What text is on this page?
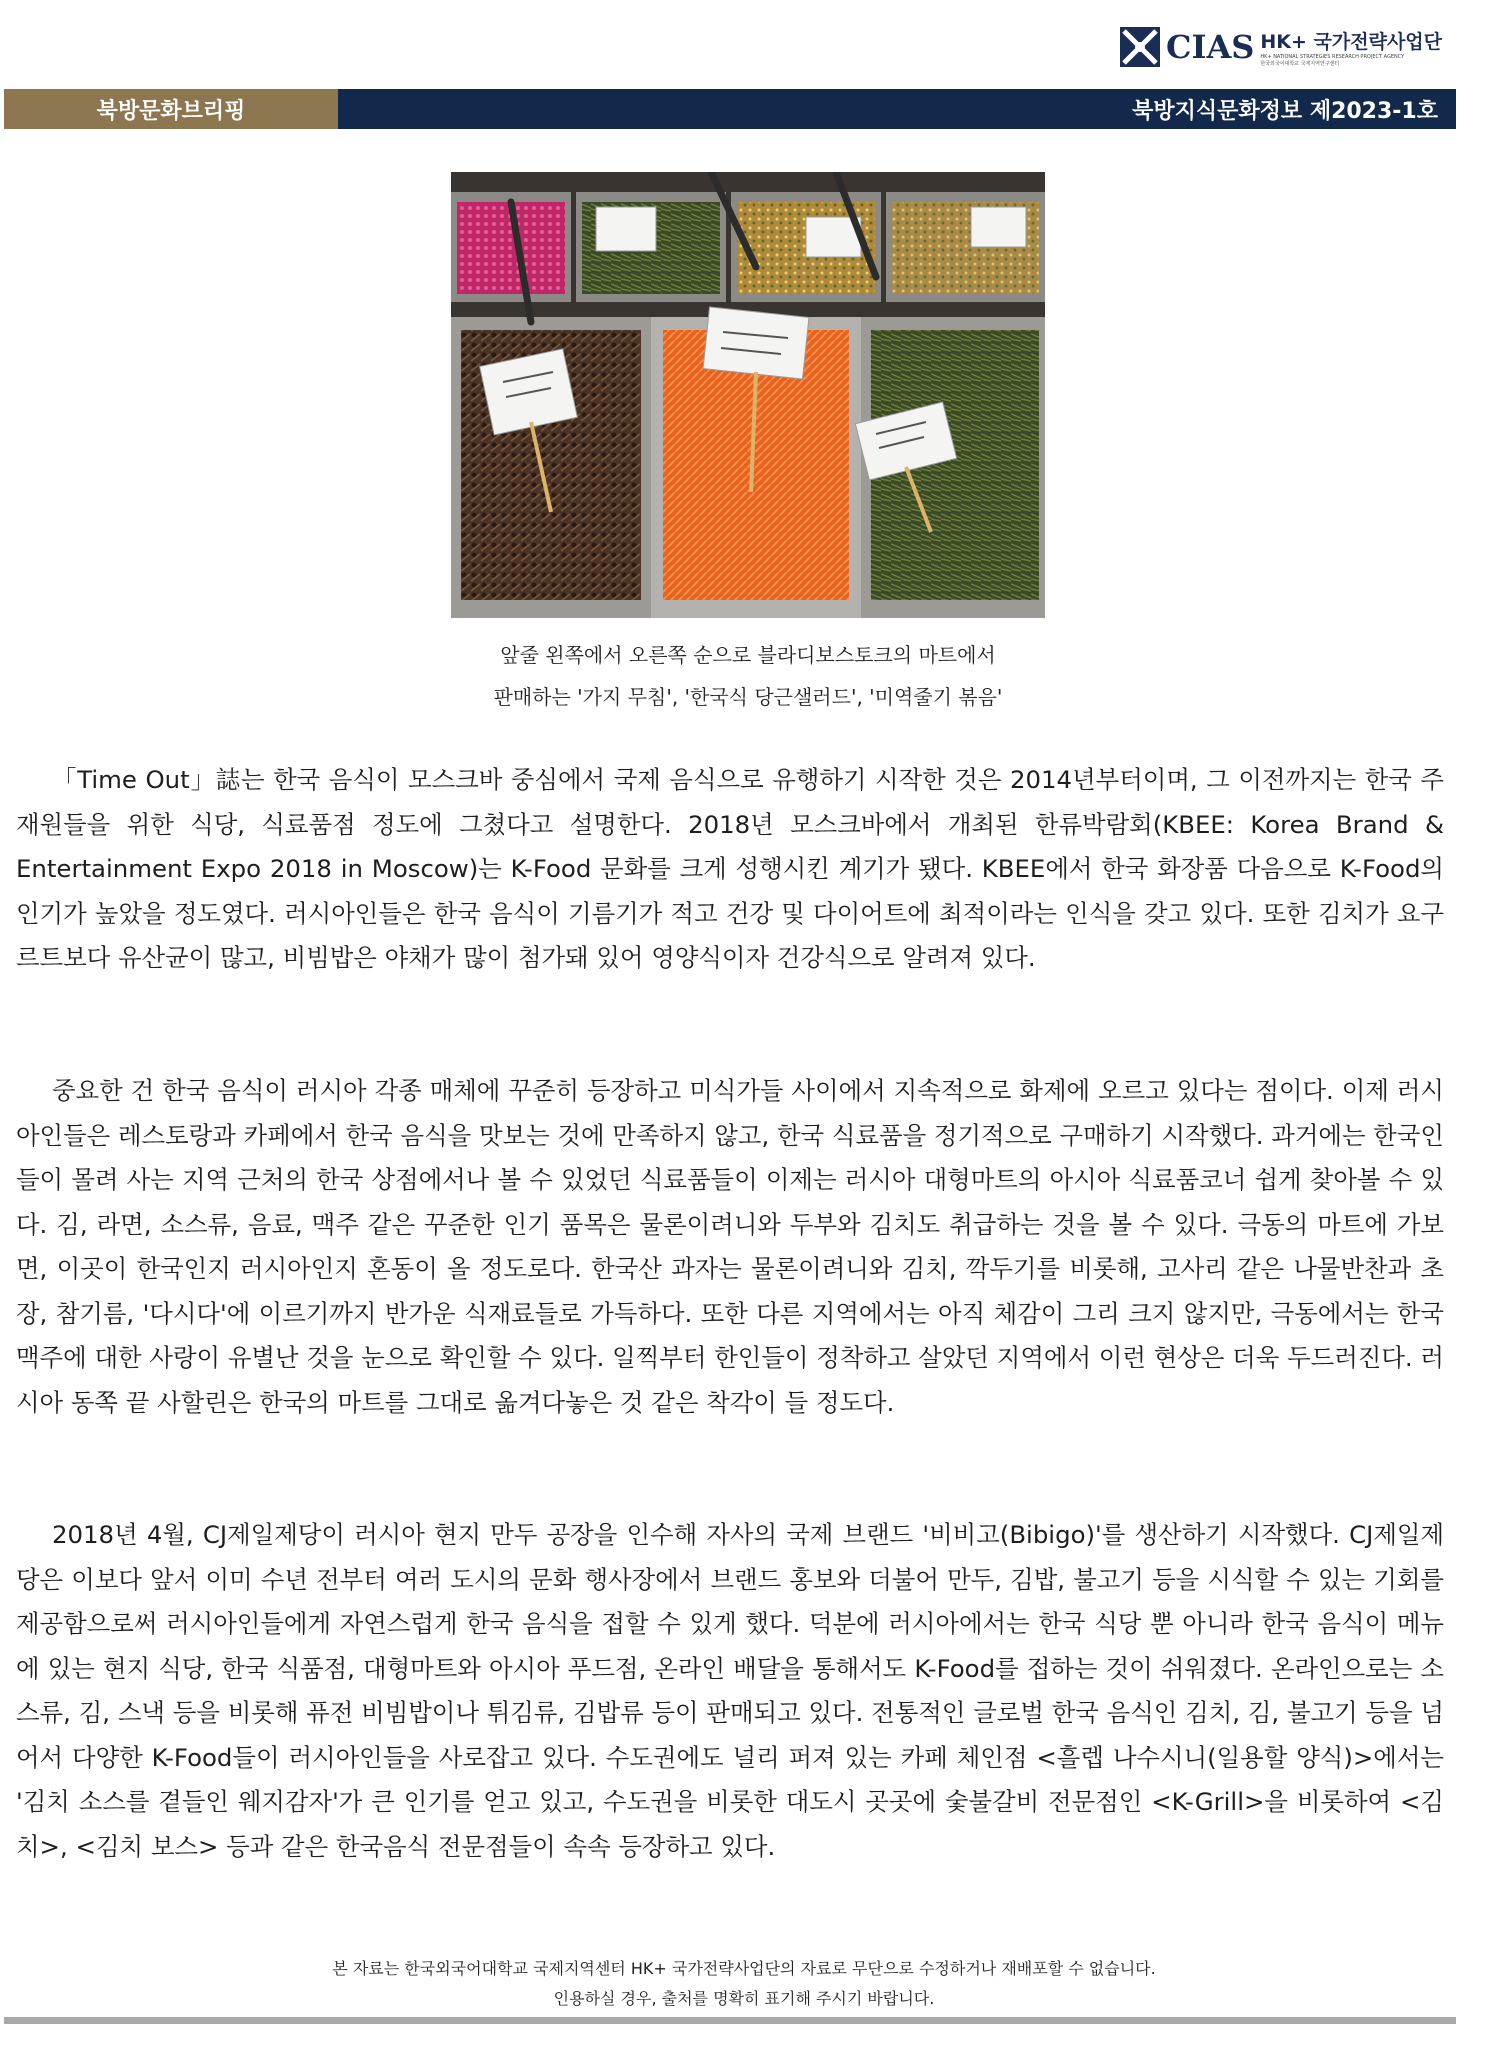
CIAS HK+ 국가전략사업단
HK+ NATIONAL STRATEGIES RESEARCH PROJECT AGENCY
한국외국어대학교 국제지역연구센터
북방문화브리핑	북방지식문화정보 제2023-1호
앞줄 왼쪽에서 오른쪽 순으로 블라디보스토크의 마트에서
판매하는 '가지 무침', '한국식 당근샐러드', '미역줄기 볶음'

「Time Out」誌는 한국 음식이 모스크바 중심에서 국제 음식으로 유행하기 시작한 것은 2014년부터이며, 그 이전까지는 한국 주재원들을 위한 식당, 식료품점 정도에 그쳤다고 설명한다. 2018년 모스크바에서 개최된 한류박람회(KBEE: Korea Brand & Entertainment Expo 2018 in Moscow)는 K-Food 문화를 크게 성행시킨 계기가 됐다. KBEE에서 한국 화장품 다음으로 K-Food의 인기가 높았을 정도였다. 러시아인들은 한국 음식이 기름기가 적고 건강 및 다이어트에 최적이라는 인식을 갖고 있다. 또한 김치가 요구르트보다 유산균이 많고, 비빔밥은 야채가 많이 첨가돼 있어 영양식이자 건강식으로 알려져 있다.

중요한 건 한국 음식이 러시아 각종 매체에 꾸준히 등장하고 미식가들 사이에서 지속적으로 화제에 오르고 있다는 점이다. 이제 러시아인들은 레스토랑과 카페에서 한국 음식을 맛보는 것에 만족하지 않고, 한국 식료품을 정기적으로 구매하기 시작했다. 과거에는 한국인들이 몰려 사는 지역 근처의 한국 상점에서나 볼 수 있었던 식료품들이 이제는 러시아 대형마트의 아시아 식료품코너 쉽게 찾아볼 수 있다. 김, 라면, 소스류, 음료, 맥주 같은 꾸준한 인기 품목은 물론이려니와 두부와 김치도 취급하는 것을 볼 수 있다. 극동의 마트에 가보면, 이곳이 한국인지 러시아인지 혼동이 올 정도로다. 한국산 과자는 물론이려니와 김치, 깍두기를 비롯해, 고사리 같은 나물반찬과 초장, 참기름, '다시다'에 이르기까지 반가운 식재료들로 가득하다. 또한 다른 지역에서는 아직 체감이 그리 크지 않지만, 극동에서는 한국 맥주에 대한 사랑이 유별난 것을 눈으로 확인할 수 있다. 일찍부터 한인들이 정착하고 살았던 지역에서 이런 현상은 더욱 두드러진다. 러시아 동쪽 끝 사할린은 한국의 마트를 그대로 옮겨다놓은 것 같은 착각이 들 정도다.

2018년 4월, CJ제일제당이 러시아 현지 만두 공장을 인수해 자사의 국제 브랜드 '비비고(Bibigo)'를 생산하기 시작했다. CJ제일제당은 이보다 앞서 이미 수년 전부터 여러 도시의 문화 행사장에서 브랜드 홍보와 더불어 만두, 김밥, 불고기 등을 시식할 수 있는 기회를 제공함으로써 러시아인들에게 자연스럽게 한국 음식을 접할 수 있게 했다. 덕분에 러시아에서는 한국 식당 뿐 아니라 한국 음식이 메뉴에 있는 현지 식당, 한국 식품점, 대형마트와 아시아 푸드점, 온라인 배달을 통해서도 K-Food를 접하는 것이 쉬워졌다. 온라인으로는 소스류, 김, 스낵 등을 비롯해 퓨전 비빔밥이나 튀김류, 김밥류 등이 판매되고 있다. 전통적인 글로벌 한국 음식인 김치, 김, 불고기 등을 넘어서 다양한 K-Food들이 러시아인들을 사로잡고 있다. 수도권에도 널리 퍼져 있는 카페 체인점 <흘렙 나수시니(일용할 양식)>에서는 '김치 소스를 곁들인 웨지감자'가 큰 인기를 얻고 있고, 수도권을 비롯한 대도시 곳곳에 숯불갈비 전문점인 <K-Grill>을 비롯하여 <김치>, <김치 보스> 등과 같은 한국음식 전문점들이 속속 등장하고 있다.

본 자료는 한국외국어대학교 국제지역센터 HK+ 국가전략사업단의 자료로 무단으로 수정하거나 재배포할 수 없습니다.
인용하실 경우, 출처를 명확히 표기해 주시기 바랍니다.
